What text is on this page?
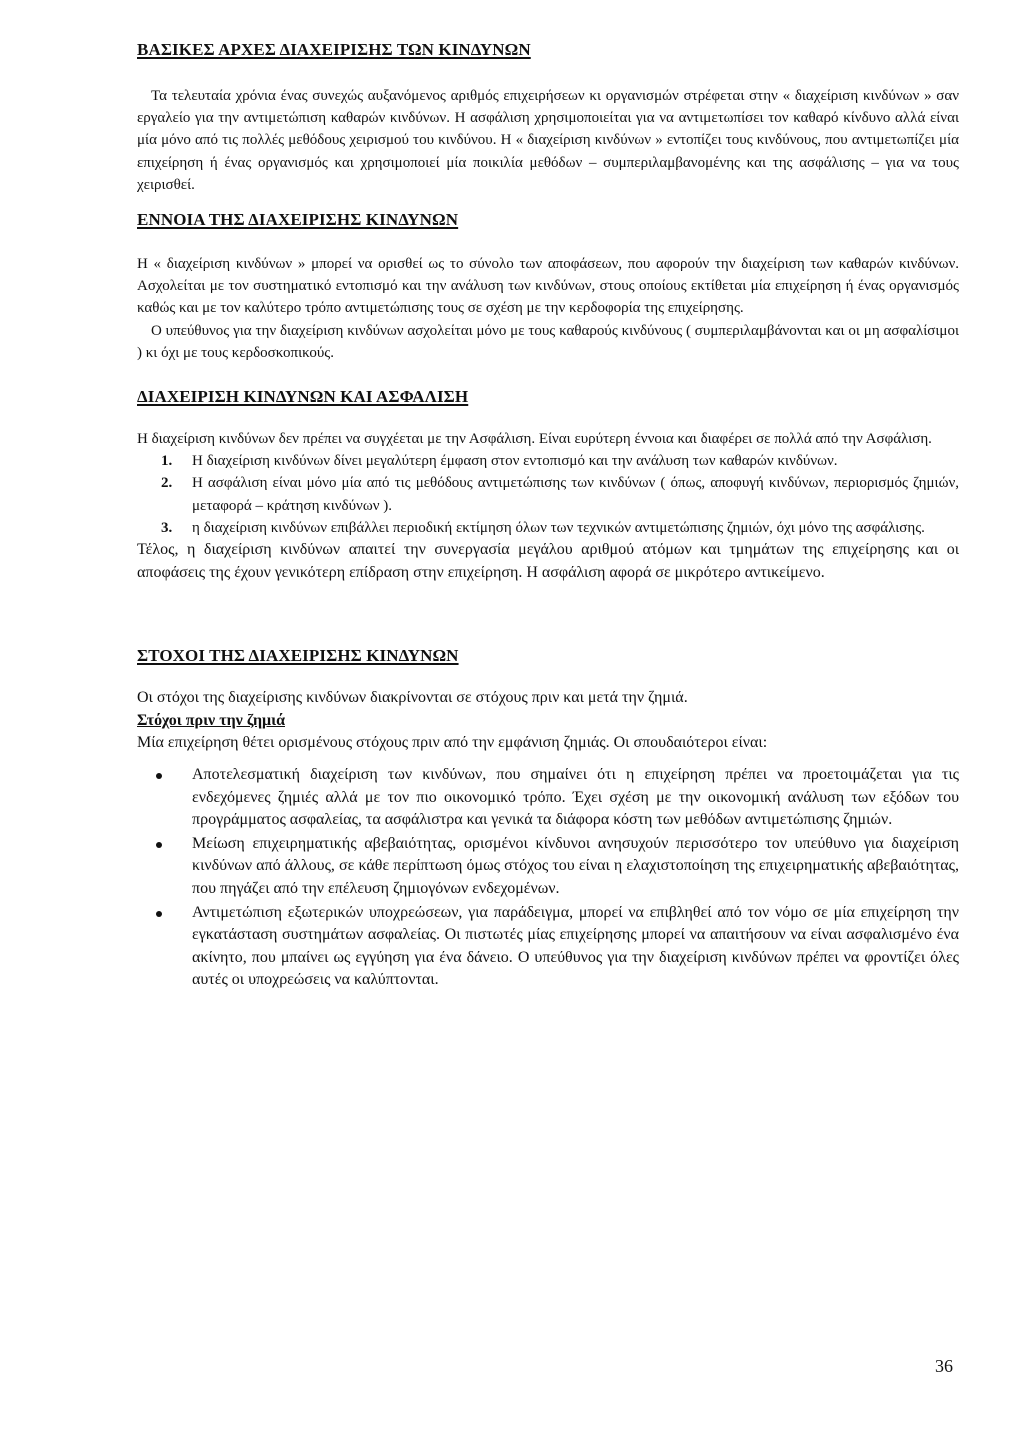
ΒΑΣΙΚΕΣ ΑΡΧΕΣ ΔΙΑΧΕΙΡΙΣΗΣ ΤΩΝ ΚΙΝΔΥΝΩΝ

Τα τελευταία χρόνια ένας συνεχώς αυξανόμενος αριθμός επιχειρήσεων κι οργανισμών στρέφεται στην « διαχείριση κινδύνων » σαν εργαλείο για την αντιμετώπιση καθαρών κινδύνων. Η ασφάλιση χρησιμοποιείται για να αντιμετωπίσει τον καθαρό κίνδυνο αλλά είναι μία μόνο από τις πολλές μεθόδους χειρισμού του κινδύνου. Η « διαχείριση κινδύνων » εντοπίζει τους κινδύνους, που αντιμετωπίζει μία επιχείρηση ή ένας οργανισμός και χρησιμοποιεί μία ποικιλία μεθόδων – συμπεριλαμβανομένης και της ασφάλισης – για να τους χειρισθεί.

ΕΝΝΟΙΑ ΤΗΣ ΔΙΑΧΕΙΡΙΣΗΣ ΚΙΝΔΥΝΩΝ

Η « διαχείριση κινδύνων » μπορεί να ορισθεί ως το σύνολο των αποφάσεων, που αφορούν την διαχείριση των καθαρών κινδύνων. Ασχολείται με τον συστηματικό εντοπισμό και την ανάλυση των κινδύνων, στους οποίους εκτίθεται μία επιχείρηση ή ένας οργανισμός καθώς και με τον καλύτερο τρόπο αντιμετώπισης τους σε σχέση με την κερδοφορία της επιχείρησης.

Ο υπεύθυνος για την διαχείριση κινδύνων ασχολείται μόνο με τους καθαρούς κινδύνους ( συμπεριλαμβάνονται και οι μη ασφαλίσιμοι ) κι όχι με τους κερδοσκοπικούς.

ΔΙΑΧΕΙΡΙΣΗ ΚΙΝΔΥΝΩΝ ΚΑΙ ΑΣΦΑΛΙΣΗ

Η διαχείριση κινδύνων δεν πρέπει να συγχέεται με την Ασφάλιση. Είναι ευρύτερη έννοια και διαφέρει σε πολλά από την Ασφάλιση.

1. Η διαχείριση κινδύνων δίνει μεγαλύτερη έμφαση στον εντοπισμό και την ανάλυση των καθαρών κινδύνων.
2. Η ασφάλιση είναι μόνο μία από τις μεθόδους αντιμετώπισης των κινδύνων ( όπως, αποφυγή κινδύνων, περιορισμός ζημιών, μεταφορά – κράτηση κινδύνων ).
3. η διαχείριση κινδύνων επιβάλλει περιοδική εκτίμηση όλων των τεχνικών αντιμετώπισης ζημιών, όχι μόνο της ασφάλισης.

Τέλος, η διαχείριση κινδύνων απαιτεί την συνεργασία μεγάλου αριθμού ατόμων και τμημάτων της επιχείρησης και οι αποφάσεις της έχουν γενικότερη επίδραση στην επιχείρηση. Η ασφάλιση αφορά σε μικρότερο αντικείμενο.

ΣΤΟΧΟΙ ΤΗΣ ΔΙΑΧΕΙΡΙΣΗΣ ΚΙΝΔΥΝΩΝ

Οι στόχοι της διαχείρισης κινδύνων διακρίνονται σε στόχους πριν και μετά την ζημιά.

Στόχοι πριν την ζημιά

Μία επιχείρηση θέτει ορισμένους στόχους πριν από την εμφάνιση ζημιάς. Οι σπουδαιότεροι είναι:

Αποτελεσματική διαχείριση των κινδύνων, που σημαίνει ότι η επιχείρηση πρέπει να προετοιμάζεται για τις ενδεχόμενες ζημιές αλλά με τον πιο οικονομικό τρόπο. Έχει σχέση με την οικονομική ανάλυση των εξόδων του προγράμματος ασφαλείας, τα ασφάλιστρα και γενικά τα διάφορα κόστη των μεθόδων αντιμετώπισης ζημιών.
Μείωση επιχειρηματικής αβεβαιότητας, ορισμένοι κίνδυνοι ανησυχούν περισσότερο τον υπεύθυνο για διαχείριση κινδύνων από άλλους, σε κάθε περίπτωση όμως στόχος του είναι η ελαχιστοποίηση της επιχειρηματικής αβεβαιότητας, που πηγάζει από την επέλευση ζημιογόνων ενδεχομένων.
Αντιμετώπιση εξωτερικών υποχρεώσεων, για παράδειγμα, μπορεί να επιβληθεί από τον νόμο σε μία επιχείρηση την εγκατάσταση συστημάτων ασφαλείας. Οι πιστωτές μίας επιχείρησης μπορεί να απαιτήσουν να είναι ασφαλισμένο ένα ακίνητο, που μπαίνει ως εγγύηση για ένα δάνειο. Ο υπεύθυνος για την διαχείριση κινδύνων πρέπει να φροντίζει όλες αυτές οι υποχρεώσεις να καλύπτονται.

36
